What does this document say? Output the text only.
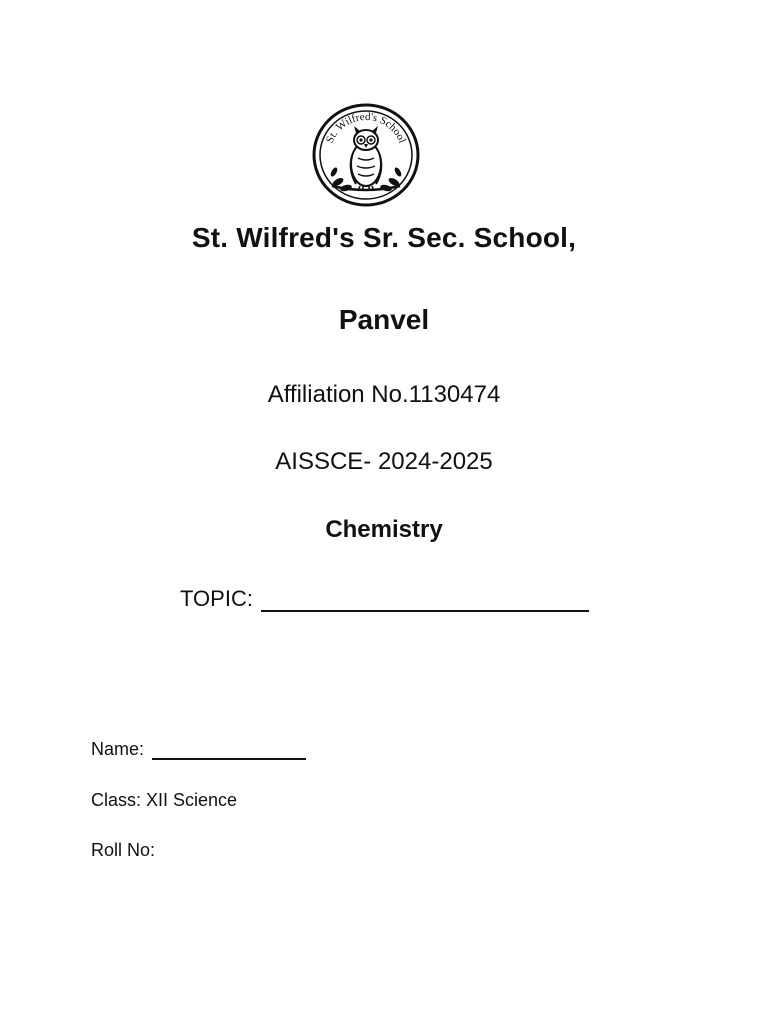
St. Wilfred's School
St. Wilfred's Sr. Sec. School,
Panvel
Affiliation No.1130474
AISSCE- 2024-2025
Chemistry
TOPIC:
Name:
Class: XII Science
Roll No:
